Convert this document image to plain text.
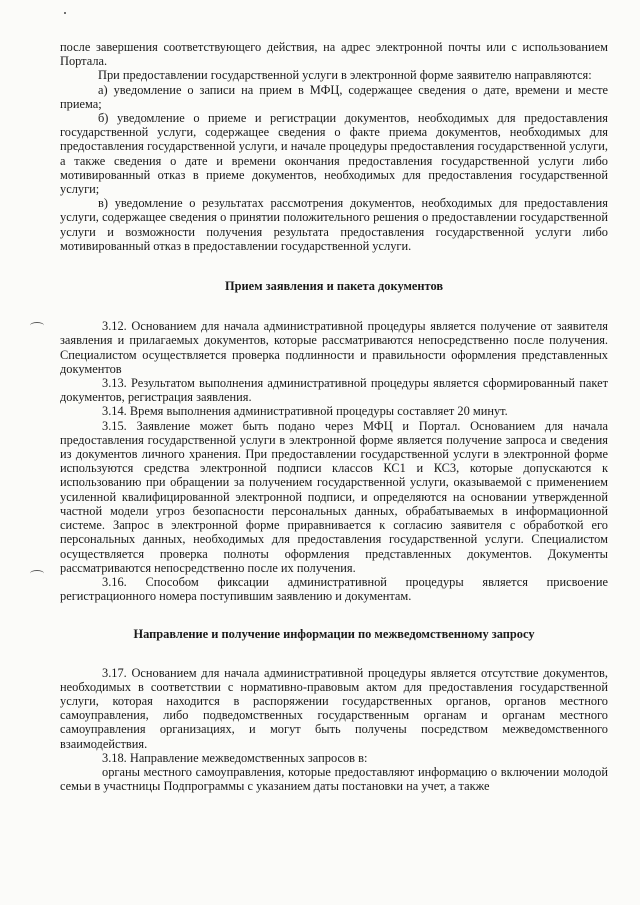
после завершения соответствующего действия, на адрес электронной почты или с использованием Портала.

При предоставлении государственной услуги в электронной форме заявителю направляются:

а) уведомление о записи на прием в МФЦ, содержащее сведения о дате, времени и месте приема;

б) уведомление о приеме и регистрации документов, необходимых для предоставления государственной услуги, содержащее сведения о факте приема документов, необходимых для предоставления государственной услуги, и начале процедуры предоставления государственной услуги, а также сведения о дате и времени окончания предоставления государственной услуги либо мотивированный отказ в приеме документов, необходимых для предоставления государственной услуги;

в) уведомление о результатах рассмотрения документов, необходимых для предоставления услуги, содержащее сведения о принятии положительного решения о предоставлении государственной услуги и возможности получения результата предоставления государственной услуги либо мотивированный отказ в предоставлении государственной услуги.

Прием заявления и пакета документов

3.12. Основанием для начала административной процедуры является получение от заявителя заявления и прилагаемых документов, которые рассматриваются непосредственно после получения. Специалистом осуществляется проверка подлинности и правильности оформления представленных документов

3.13. Результатом выполнения административной процедуры является сформированный пакет документов, регистрация заявления.

3.14. Время выполнения административной процедуры составляет 20 минут.

3.15. Заявление может быть подано через МФЦ и Портал. Основанием для начала предоставления государственной услуги в электронной форме является получение запроса и сведения из документов личного хранения. При предоставлении государственной услуги в электронной форме используются средства электронной подписи классов КС1 и КС3, которые допускаются к использованию при обращении за получением государственной услуги, оказываемой с применением усиленной квалифицированной электронной подписи, и определяются на основании утвержденной частной модели угроз безопасности персональных данных, обрабатываемых в информационной системе. Запрос в электронной форме приравнивается к согласию заявителя с обработкой его персональных данных, необходимых для предоставления государственной услуги. Специалистом осуществляется проверка полноты оформления представленных документов. Документы рассматриваются непосредственно после их получения.

3.16. Способом фиксации административной процедуры является присвоение регистрационного номера поступившим заявлению и документам.

Направление и получение информации по межведомственному запросу

3.17. Основанием для начала административной процедуры является отсутствие документов, необходимых в соответствии с нормативно-правовым актом для предоставления государственной услуги, которая находится в распоряжении государственных органов, органов местного самоуправления, либо подведомственных государственным органам и органам местного самоуправления организациях, и могут быть получены посредством межведомственного взаимодействия.

3.18. Направление межведомственных запросов в:

органы местного самоуправления, которые предоставляют информацию о включении молодой семьи в участницы Подпрограммы с указанием даты постановки на учет, а также
